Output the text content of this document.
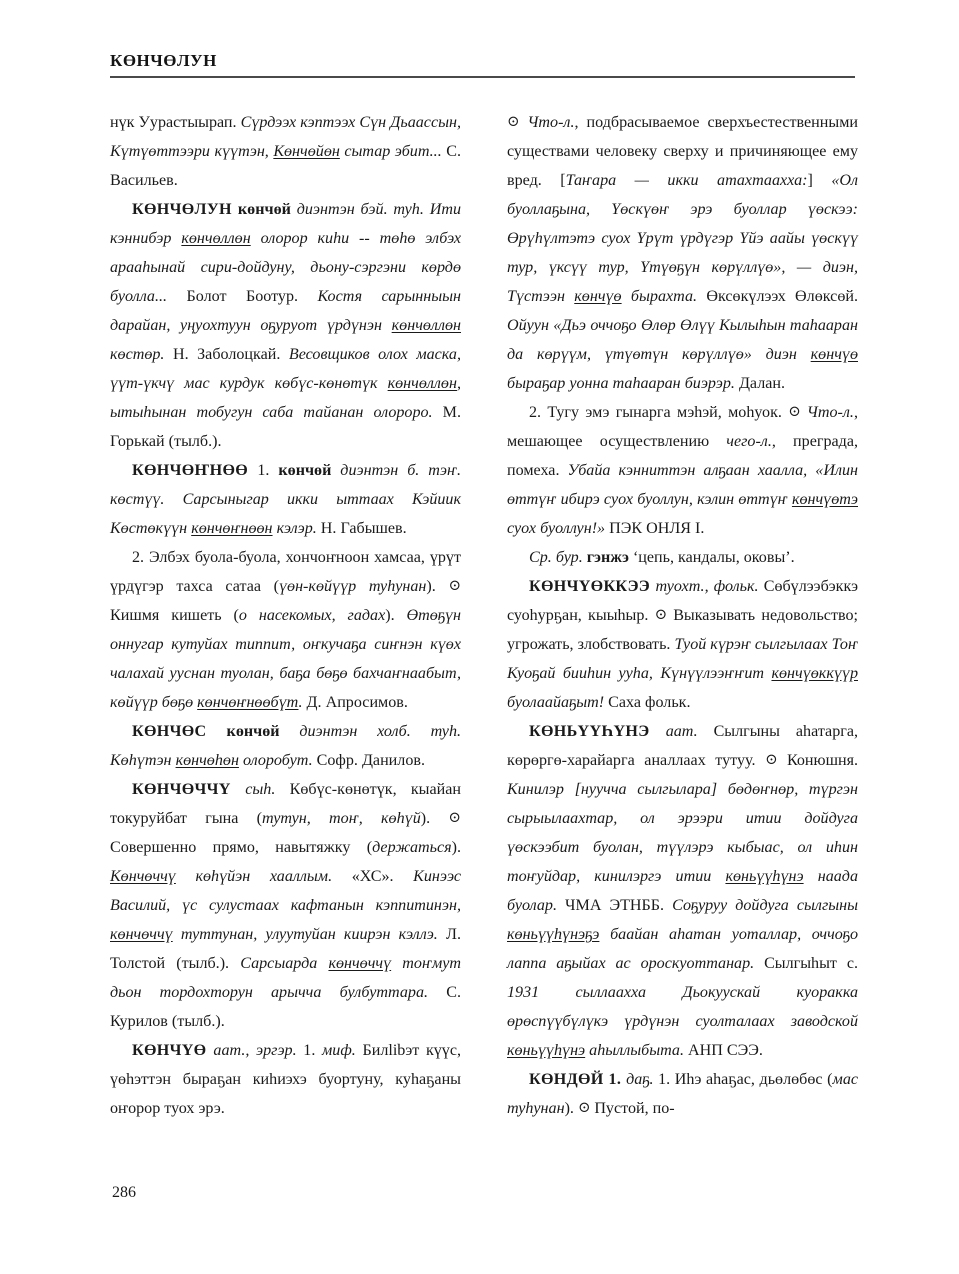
КӨНЧӨЛУН

нүк Уурастыырап. Сүрдээх кэптээх Сүн Дьаассын, Күтүөттээри күүтэн, Көнчөйөн сытар эбит... С. Васильев.

КӨНЧӨЛУН көнчөй диэнтэн бэй. туһ. Ити кэннибэр көнчөллөн олорор киһи -- төһө элбэх арааһынай сири-дойдуну, дьону-сэргэни көрдө буолла... Болот Боотур. Костя сарынныын дарайан, уңуохтуун оҕуруот үрдүнэн көнчөллөн көстөр. Н. Заболоцкай. Весовщиков олох маска, үүт-үкчү мас курдук көбүс-көнөтүк көнчөллөн, ытыһынан тобугун саба тайанан олороро. М. Горькай (тылб.).

КӨНЧӨҤНӨӨ 1. көнчөй диэнтэн б. тэҥ. көстүү. Сарсыныгар икки ыттаах Кэйиик Көстөкүүн көнчөҥнөөн кэлэр. Н. Габышев.

2. Элбэх буола-буола, хончоҥноон хамсаа, үрүт үрдүгэр тахса сатаа (үөн-көйүүр туһунан). ⊙ Кишмя кишеть (о насекомых, гадах). Өтөҕүн оннугар кутуйах типпит, оҥкучаҕа сиҥнэн күөх чалахай ууcнан туолан, баҕа бөҕө бахчаҥнаабыт, көйүүр бөҕө көнчөҥнөөбүт. Д. Апросимов.

КӨНЧӨС көнчөй диэнтэн холб. туһ. Көһүтэн көнчөһөн олоробут. Софр. Данилов.

КӨНЧӨЧЧҮ сыһ. Көбүс-көнөтүк, кыайан токуруйбат гына (тутун, тоҥ, көһүй). ⊙ Совершенно прямо, навытяжку (держаться). Көнчөччү көһүйэн хааллым. «ХС». Кинээс Василий, үс сулустаах кафтанын кэппитинэн, көнчөччү туттунан, улуутуйан киирэн кэллэ. Л. Толстой (тылб.). Сарсыарда көнчөччү тоҥмут дьон тордохторун арычча булбуттара. С. Курилов (тылб.).

КӨНЧҮӨ аат., эргэр. 1. миф. Билlibэт күүс, үөһэттэн быраҕан киһиэхэ буортуну, куһаҕаны оҥорор туох эрэ.

⊙ Что-л., подбрасываемое сверхъестественными существами человеку сверху и причиняющее ему вред. [Таҥара — икки атахтаахха:] «Ол буоллаҕына, Үөскүөҥ эрэ буоллар үөскээ: Өрүһүлтэтэ суох Үрүт үрдүгэр Үйэ аайы үөскүү тур, үксүү тур, Үтүөҕүн көрүллүө», — диэн, Түстээн көнчүө бырахта. Өксөкүлээх Өлөксөй. Ойуун «Дьэ оччоҕо Өлөр Өлүү Кылыһын таһааран да көрүүм, үтүөтүн көрүллүө» диэн көнчүө быраҕар уонна таһааран биэрэр. Далан.

2. Тугу эмэ гынарга мэһэй, моһуок. ⊙ Что-л., мешающее осуществлению чего-л., преграда, помеха. Убайа кэнниттэн алҕаан хаалла, «Илин өттүҥ ибирэ суох буоллун, кэлин өттүҥ көнчүөтэ суох буоллун!» ПЭК ОНЛЯ I.

Ср. бур. гэнжэ ‘цепь, кандалы, оковы’.

КӨНЧҮӨККЭЭ туохт., фольк. Сөбүлээбэккэ суоһурҕан, кыыһыр. ⊙ Выказывать недовольство; угрожать, злобствовать. Туой күрэҥ сылгылаах Тоҥ Куоҕай бииһин ууһа, Күнүүлээҥҥит көнчүөккүүр буолаайаҕыт! Саха фольк.

КӨНЬҮҮҺҮНЭ аат. Сылгыны аһатарга, көрөргө-харайарга аналлаах тутуу. ⊙ Конюшня. Кинилэр [нуучча сылгылара] бөдөҥнөр, түргэн сырыылаахтар, ол эрээри итии дойдуга үөскээбит буолан, түүлэрэ кыбыас, ол иһин тоҥуйдар, кинилэргэ итии көньүүһүнэ наада буолар. ЧМА ЭТНББ. Соҕуруу дойдуга сылгыны көньүүһүнэҕэ баайан аһатан уоталлар, оччоҕо лаппа аҕыйах ас ороскуоттанар. Сылгыһыт с. 1931 сыллаахха Дьокуускай куоракка өрөспүүбүлүкэ үрдүнэн суолталаах заводской көньүүһүнэ аһыллыбыта. АНП СЭЭ.

КӨНДӨЙ 1. даҕ. 1. Иһэ аһаҕас, дьөлөбөс (мас туһунан). ⊙ Пустой, по-

286
